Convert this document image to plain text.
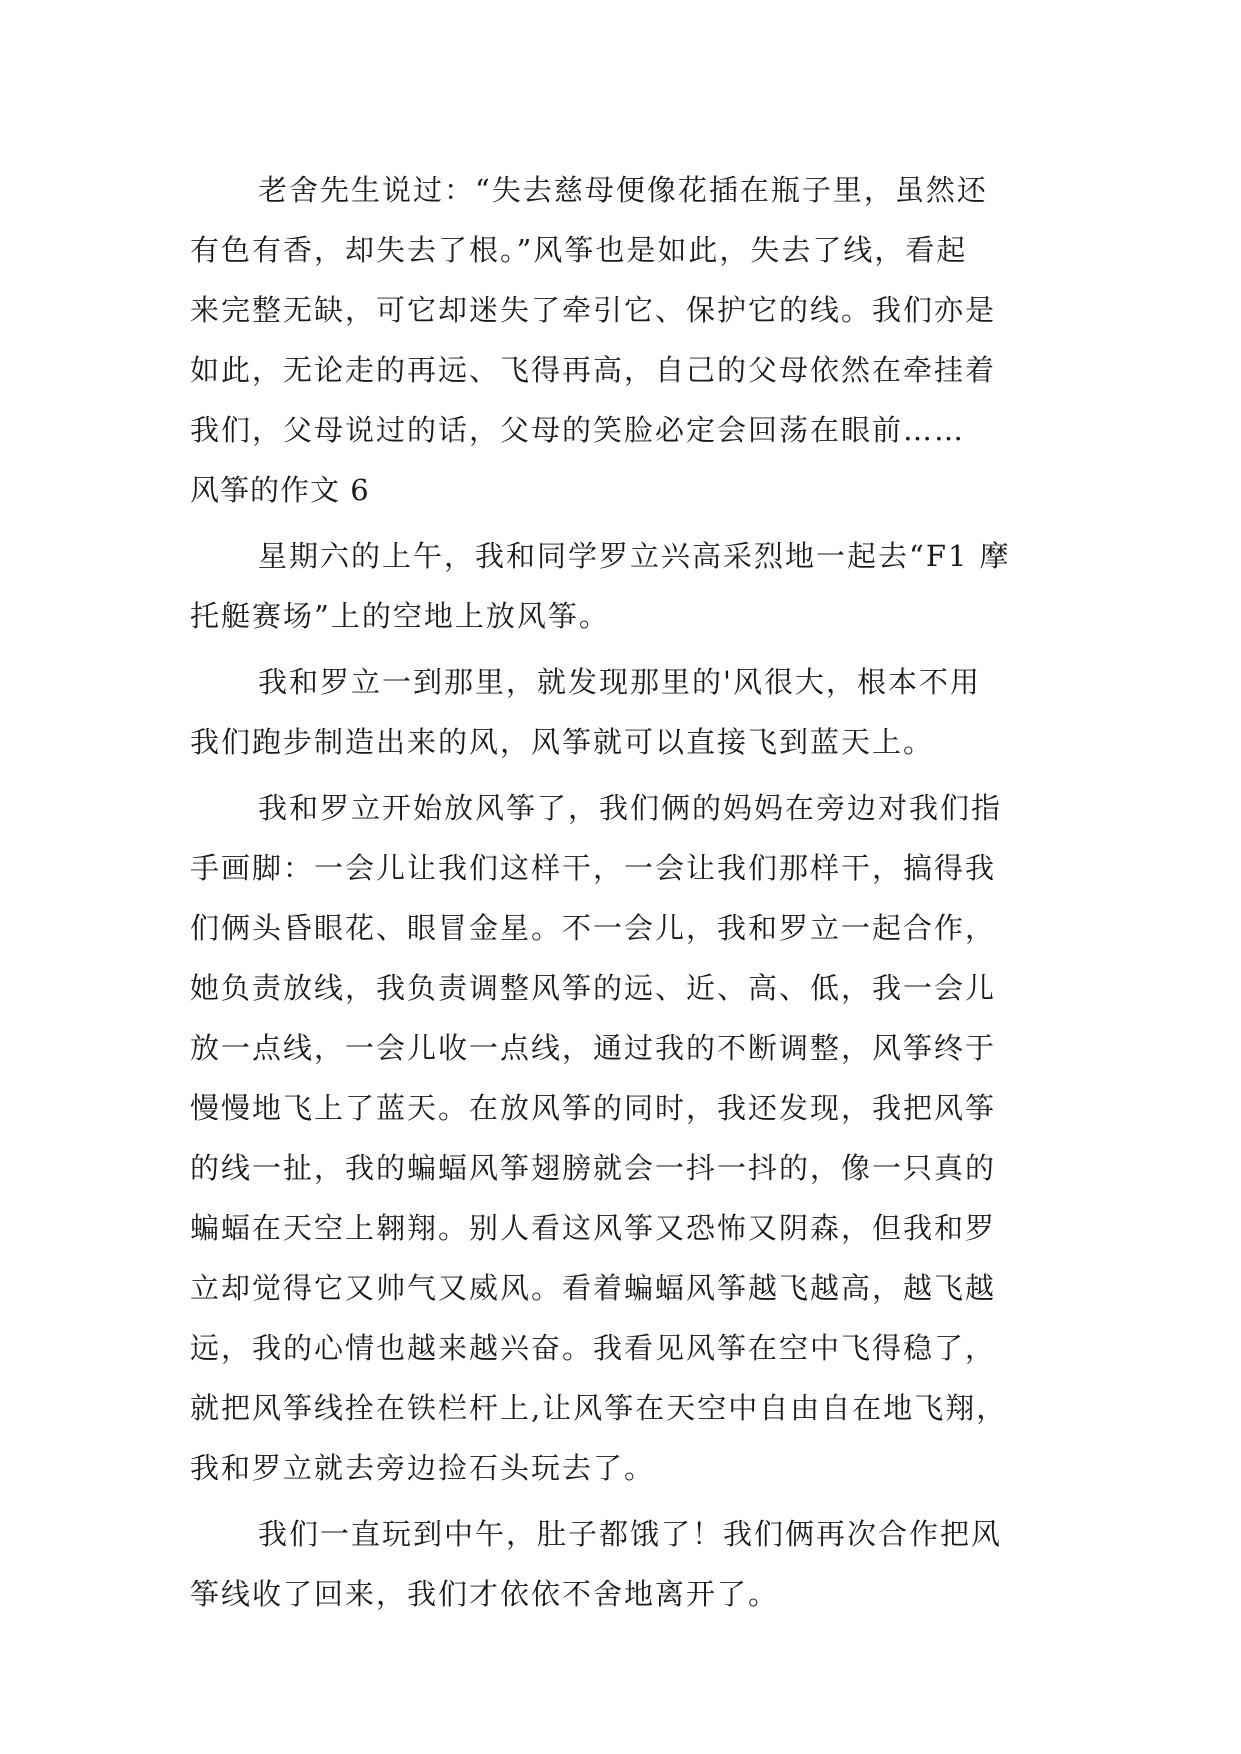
老舍先生说过：“失去慈母便像花插在瓶子里，虽然还
有色有香，却失去了根。”风筝也是如此，失去了线，看起
来完整无缺，可它却迷失了牵引它、保护它的线。我们亦是
如此，无论走的再远、飞得再高，自己的父母依然在牵挂着
我们，父母说过的话，父母的笑脸必定会回荡在眼前……
风筝的作文 6
星期六的上午，我和同学罗立兴高采烈地一起去“F1 摩
托艇赛场”上的空地上放风筝。
我和罗立一到那里，就发现那里的'风很大，根本不用
我们跑步制造出来的风，风筝就可以直接飞到蓝天上。
我和罗立开始放风筝了，我们俩的妈妈在旁边对我们指
手画脚：一会儿让我们这样干，一会让我们那样干，搞得我
们俩头昏眼花、眼冒金星。不一会儿，我和罗立一起合作，
她负责放线，我负责调整风筝的远、近、高、低，我一会儿
放一点线，一会儿收一点线，通过我的不断调整，风筝终于
慢慢地飞上了蓝天。在放风筝的同时，我还发现，我把风筝
的线一扯，我的蝙蝠风筝翅膀就会一抖一抖的，像一只真的
蝙蝠在天空上翱翔。别人看这风筝又恐怖又阴森，但我和罗
立却觉得它又帅气又威风。看着蝙蝠风筝越飞越高，越飞越
远，我的心情也越来越兴奋。我看见风筝在空中飞得稳了，
就把风筝线拴在铁栏杆上,让风筝在天空中自由自在地飞翔，
我和罗立就去旁边捡石头玩去了。
我们一直玩到中午，肚子都饿了！我们俩再次合作把风
筝线收了回来，我们才依依不舍地离开了。
